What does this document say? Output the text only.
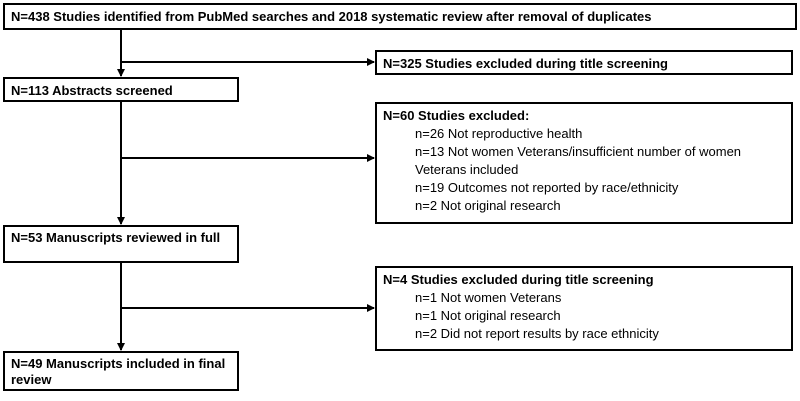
N=438 Studies identified from PubMed searches and 2018 systematic review after removal of duplicates
N=113 Abstracts screened
N=53 Manuscripts reviewed in full
N=49 Manuscripts included in final review
N=325 Studies excluded during title screening
N=60 Studies excluded:
n=26 Not reproductive health
n=13 Not women Veterans/insufficient number of women Veterans included
n=19 Outcomes not reported by race/ethnicity
n=2 Not original research
N=4 Studies excluded during title screening
n=1 Not women Veterans
n=1 Not original research
n=2 Did not report results by race ethnicity
